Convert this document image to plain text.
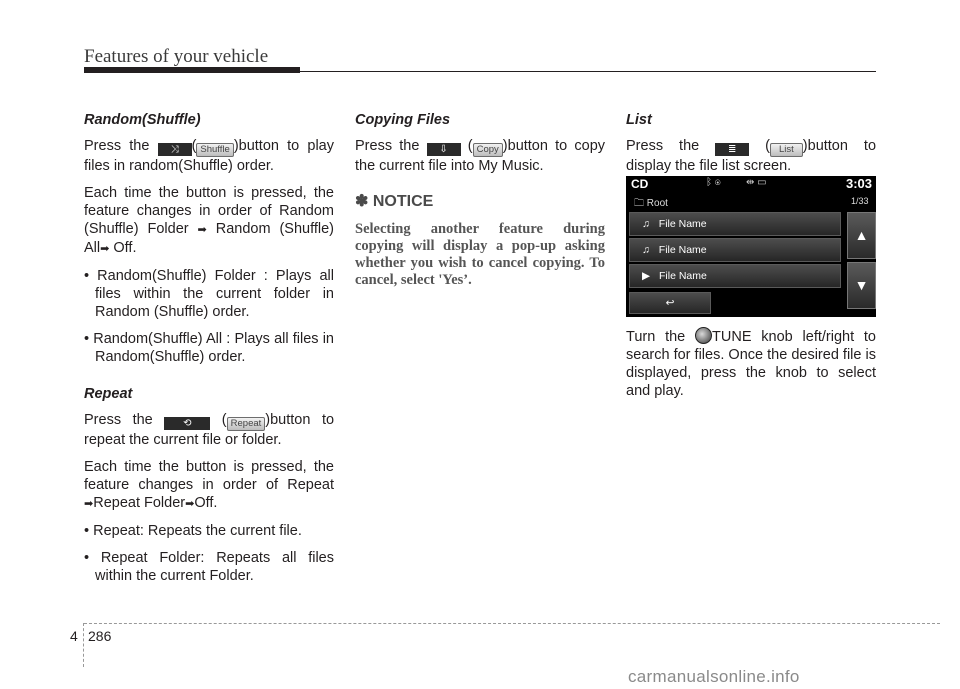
Features of your vehicle
Random(Shuffle)

Press the ⤨ ( Shuffle )button to play files in random(Shuffle) order.

Each time the button is pressed, the feature changes in order of Random (Shuffle) Folder ➡ Random (Shuffle) All➡ Off.

• Random(Shuffle) Folder : Plays all files within the current folder in Random (Shuffle) order.

• Random(Shuffle) All : Plays all files in Random(Shuffle) order.

Repeat

Press the	⟲ ( Repeat )button to repeat the current file or folder.

Each time the button is pressed, the feature changes in order of Repeat ➡Repeat Folder➡Off.

• Repeat: Repeats the current file.

• Repeat Folder: Repeats all files within the current Folder.

Copying Files

Press the ⇩ ( Copy )button to copy the current file into My Music.

✽ NOTICE
Selecting another feature during copying will display a pop-up asking whether you wish to cancel copying. To cancel, select 'Yes’.
List

Press the	≣ ( List )button to display the file list screen.

CD	ᛒ ◉	⇹ ▭	3:03
🗀 Root	1/33
♫ File Name
♫ File Name
▶ File Name
↩
▲
▼

Turn the TUNE knob left/right to search for files. Once the desired file is displayed, press the knob to select and play.

4 286
carmanualsonline.info
